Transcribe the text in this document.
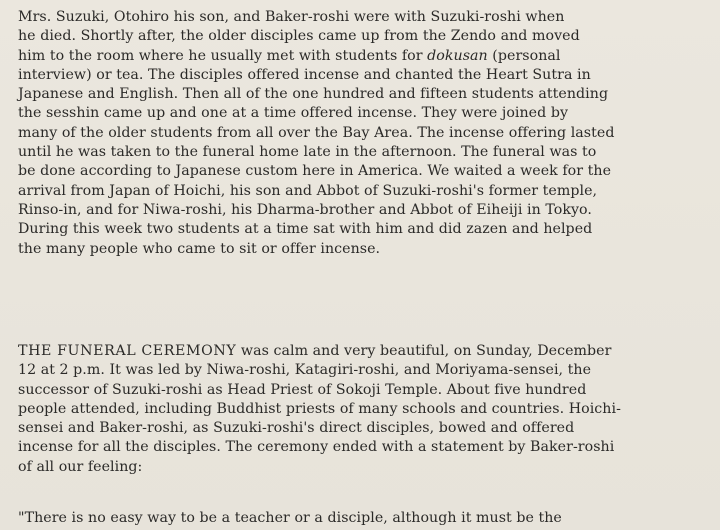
Mrs. Suzuki, Otohiro his son, and Baker-roshi were with Suzuki-roshi when
he died. Shortly after, the older disciples came up from the Zendo and moved
him to the room where he usually met with students for dokusan (personal
interview) or tea. The disciples offered incense and chanted the Heart Sutra in
Japanese and English. Then all of the one hundred and fifteen students attending
the sesshin came up and one at a time offered incense. They were joined by
many of the older students from all over the Bay Area. The incense offering lasted
until he was taken to the funeral home late in the afternoon. The funeral was to
be done according to Japanese custom here in America. We waited a week for the
arrival from Japan of Hoichi, his son and Abbot of Suzuki-roshi's former temple,
Rinso-in, and for Niwa-roshi, his Dharma-brother and Abbot of Eiheiji in Tokyo.
During this week two students at a time sat with him and did zazen and helped
the many people who came to sit or offer incense.

THE FUNERAL CEREMONY was calm and very beautiful, on Sunday, December
12 at 2 p.m. It was led by Niwa-roshi, Katagiri-roshi, and Moriyama-sensei, the
successor of Suzuki-roshi as Head Priest of Sokoji Temple. About five hundred
people attended, including Buddhist priests of many schools and countries. Hoichi-
sensei and Baker-roshi, as Suzuki-roshi's direct disciples, bowed and offered
incense for all the disciples. The ceremony ended with a statement by Baker-roshi
of all our feeling:

"There is no easy way to be a teacher or a disciple, although it must be the
